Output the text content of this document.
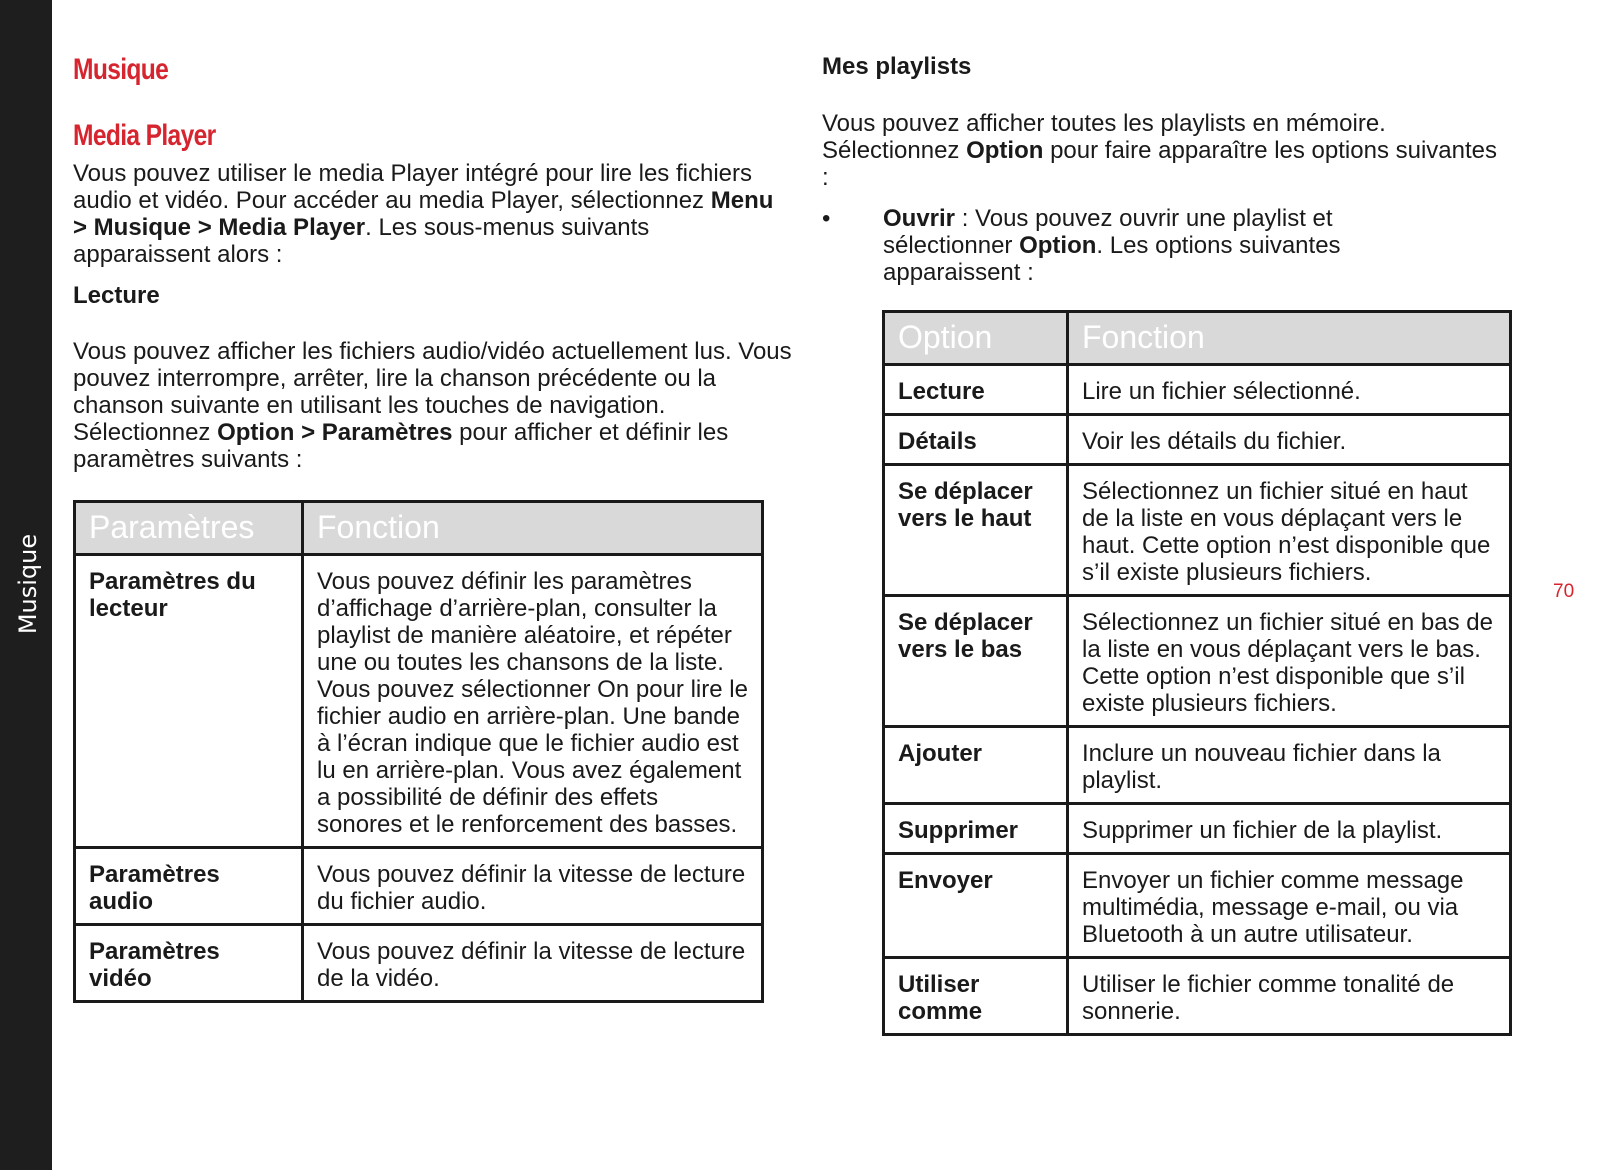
Musique	70
Musique
Media Player

Vous pouvez utiliser le media Player intégré pour lire les fichiers audio et vidéo. Pour accéder au media Player, sélectionnez Menu > Musique > Media Player. Les sous-menus suivants apparaissent alors :

Lecture

Vous pouvez afficher les fichiers audio/vidéo actuellement lus. Vous pouvez interrompre, arrêter, lire la chanson précédente ou la chanson suivante en utilisant les touches de navigation. Sélectionnez Option > Paramètres pour afficher et définir les paramètres suivants :

Paramètres	Fonction
Paramètres du lecteur	Vous pouvez définir les paramètres d’affichage d’arrière-plan, consulter la playlist de manière aléatoire, et répéter une ou toutes les chansons de la liste. Vous pouvez sélectionner On pour lire le fichier audio en arrière-plan. Une bande à l’écran indique que le fichier audio est lu en arrière-plan. Vous avez également a possibilité de définir des effets sonores et le renforcement des basses.
Paramètres audio	Vous pouvez définir la vitesse de lecture du fichier audio.
Paramètres vidéo	Vous pouvez définir la vitesse de lecture de la vidéo.

Mes playlists

Vous pouvez afficher toutes les playlists en mémoire. Sélectionnez Option pour faire apparaître les options suivantes :

•	Ouvrir : Vous pouvez ouvrir une playlist et sélectionner Option. Les options suivantes apparaissent :

Option	Fonction
Lecture	Lire un fichier sélectionné.
Détails	Voir les détails du fichier.
Se déplacer vers le haut	Sélectionnez un fichier situé en haut de la liste en vous déplaçant vers le haut. Cette option n’est disponible que s’il existe plusieurs fichiers.
Se déplacer vers le bas	Sélectionnez un fichier situé en bas de la liste en vous déplaçant vers le bas. Cette option n’est disponible que s’il existe plusieurs fichiers.
Ajouter	Inclure un nouveau fichier dans la playlist.
Supprimer	Supprimer un fichier de la playlist.
Envoyer	Envoyer un fichier comme message multimédia, message e-mail, ou via Bluetooth à un autre utilisateur.
Utiliser comme	Utiliser le fichier comme tonalité de sonnerie.
